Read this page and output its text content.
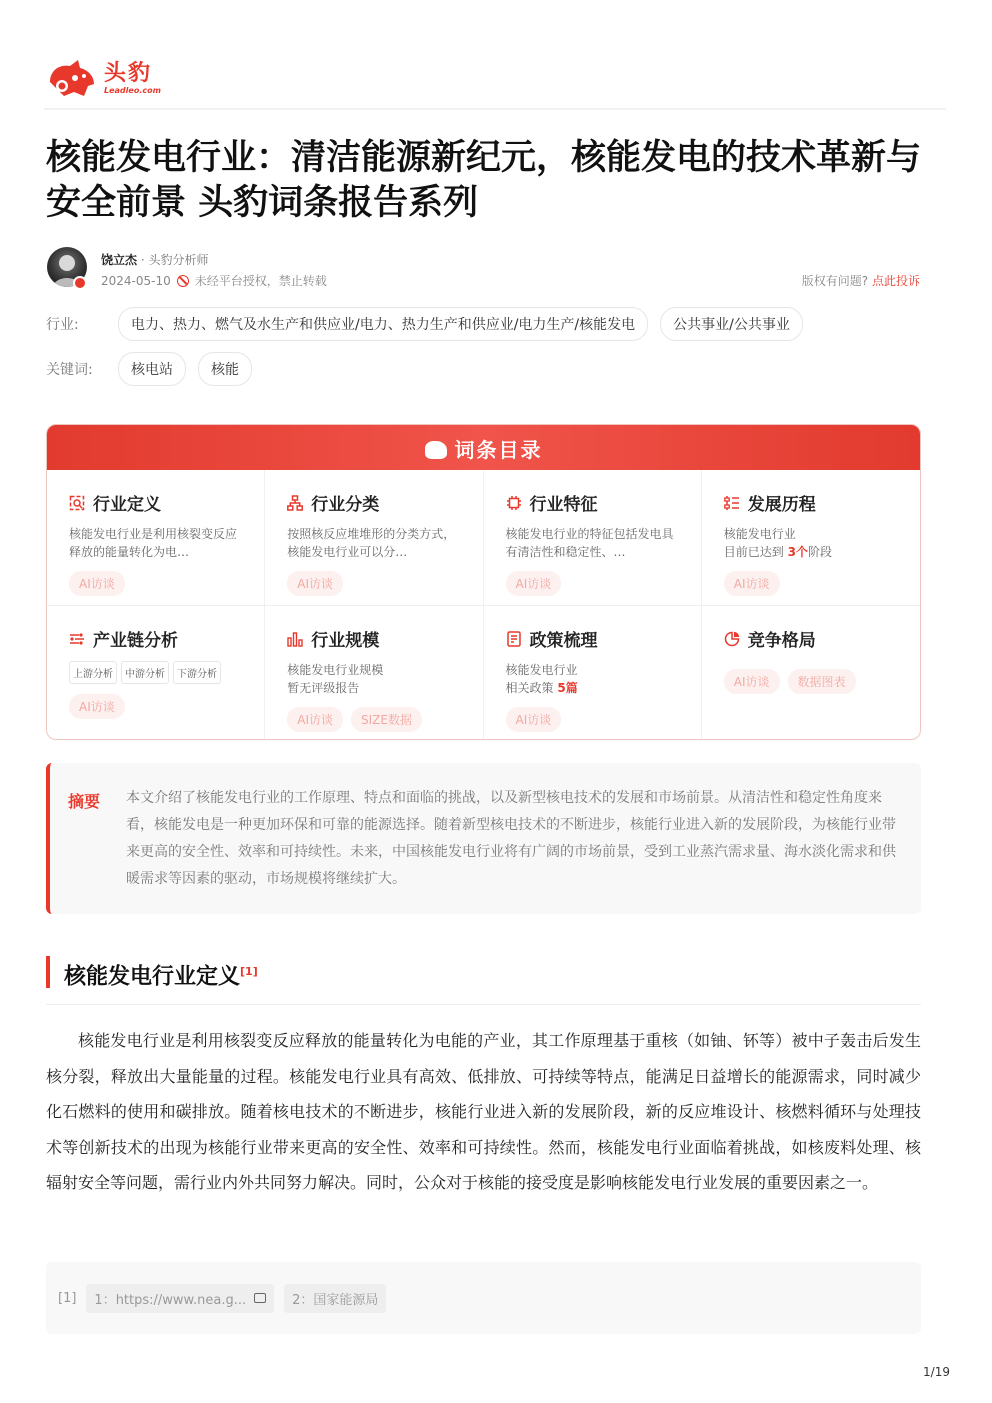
头豹
Leadleo.com
核能发电行业：清洁能源新纪元，核能发电的技术革新与安全前景 头豹词条报告系列
饶立杰 · 头豹分析师
2024-05-10 未经平台授权，禁止转载	版权有问题? 点此投诉
行业:	电力、热力、燃气及水生产和供应业/电力、热力生产和供应业/电力生产/核能发电	公共事业/公共事业
关键词:	核电站	核能
词条目录
行业定义
核能发电行业是利用核裂变反应释放的能量转化为电…
AI访谈
行业分类
按照核反应堆堆形的分类方式，核能发电行业可以分…
AI访谈
行业特征
核能发电行业的特征包括发电具有清洁性和稳定性、…
AI访谈
发展历程
核能发电行业
目前已达到 3个阶段
AI访谈
产业链分析
上游分析	中游分析	下游分析
AI访谈
行业规模
核能发电行业规模
暂无评级报告
AI访谈 SIZE数据
政策梳理
核能发电行业
相关政策 5篇
AI访谈
竞争格局
AI访谈 数据图表
摘要 本文介绍了核能发电行业的工作原理、特点和面临的挑战，以及新型核电技术的发展和市场前景。从清洁性和稳定性角度来看，核能发电是一种更加环保和可靠的能源选择。随着新型核电技术的不断进步，核能行业进入新的发展阶段，为核能行业带来更高的安全性、效率和可持续性。未来，中国核能发电行业将有广阔的市场前景，受到工业蒸汽需求量、海水淡化需求和供暖需求等因素的驱动，市场规模将继续扩大。
核能发电行业定义[1]

核能发电行业是利用核裂变反应释放的能量转化为电能的产业，其工作原理基于重核（如铀、钚等）被中子轰击后发生核分裂，释放出大量能量的过程。核能发电行业具有高效、低排放、可持续等特点，能满足日益增长的能源需求，同时减少化石燃料的使用和碳排放。随着核电技术的不断进步，核能行业进入新的发展阶段，新的反应堆设计、核燃料循环与处理技术等创新技术的出现为核能行业带来更高的安全性、效率和可持续性。然而，核能发电行业面临着挑战，如核废料处理、核辐射安全等问题，需行业内外共同努力解决。同时，公众对于核能的接受度是影响核能发电行业发展的重要因素之一。

[1] 1：https://www.nea.g...	2：国家能源局
1/19
